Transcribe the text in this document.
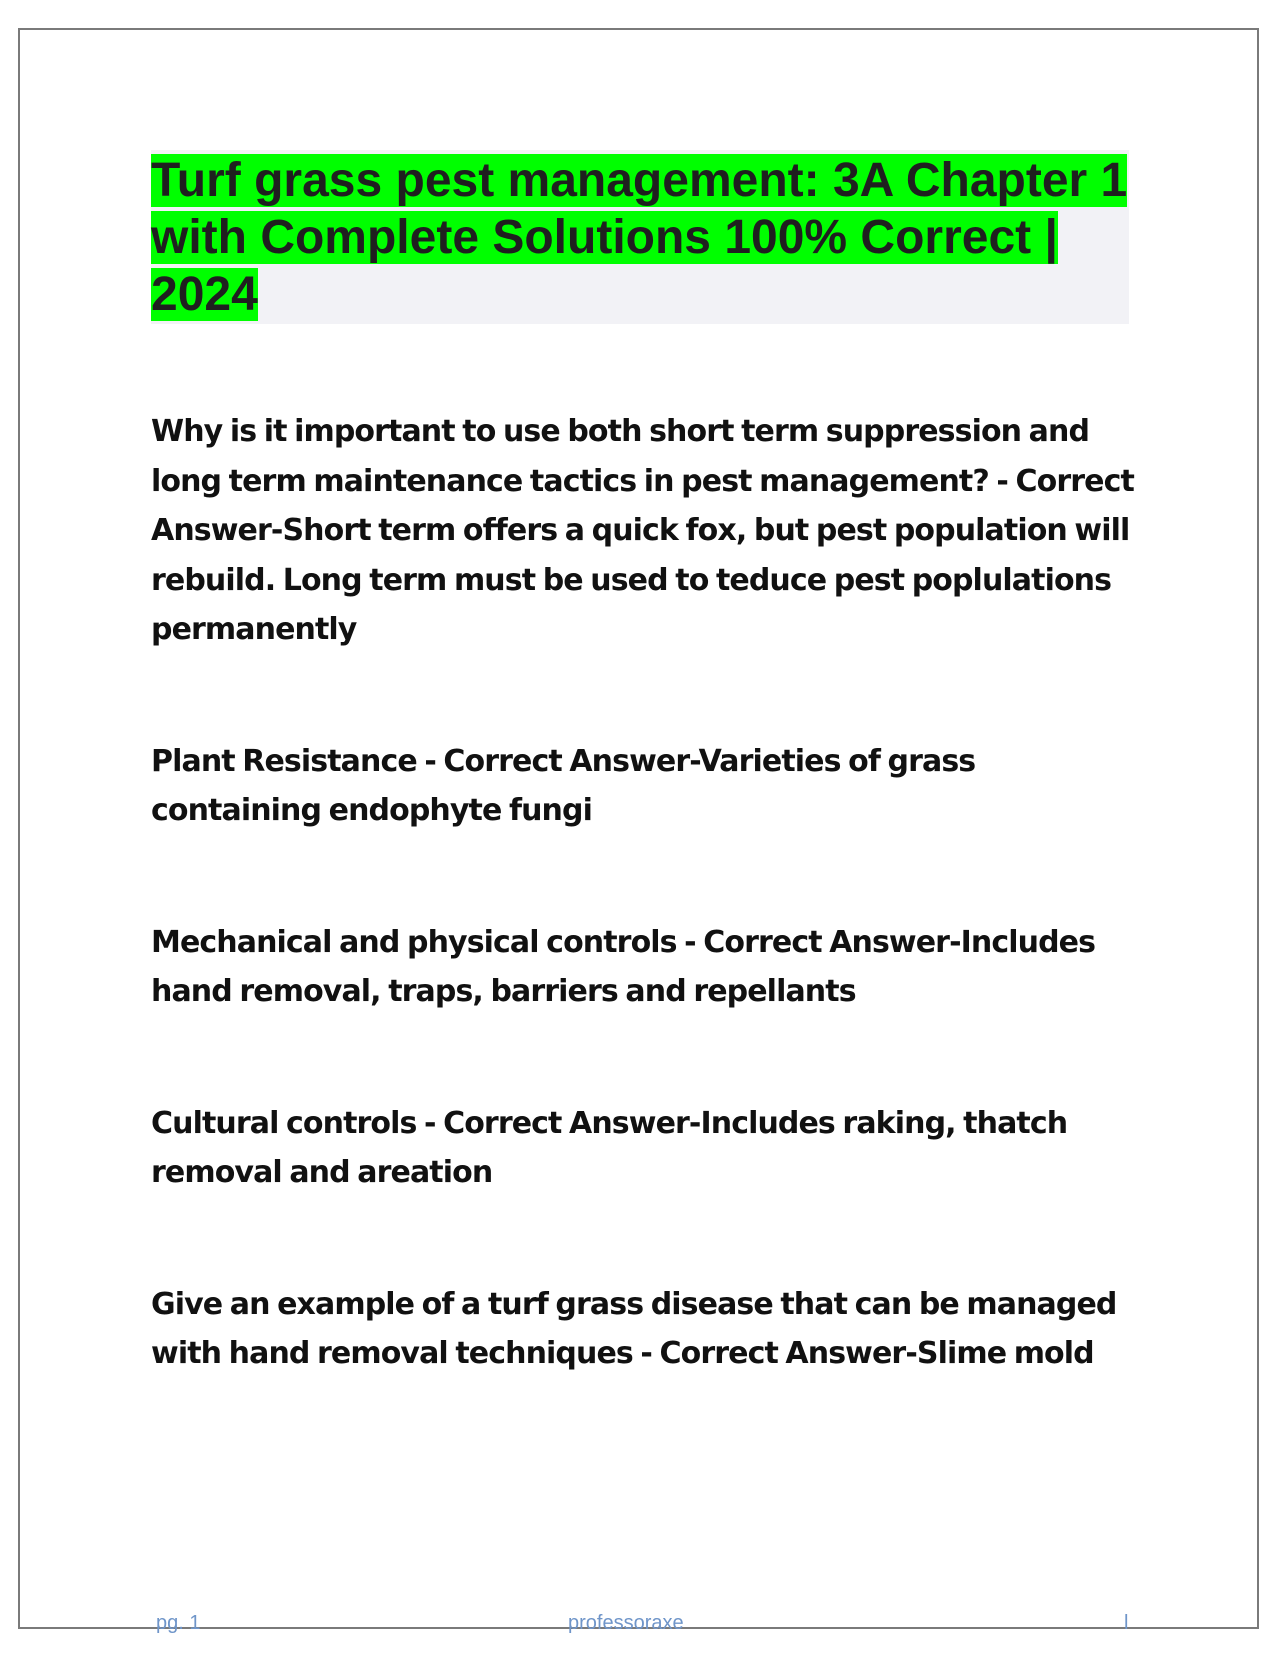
Turf grass pest management: 3A Chapter 1 with Complete Solutions 100% Correct | 2024

Why is it important to use both short term suppression and long term maintenance tactics in pest management? - Correct Answer-Short term offers a quick fox, but pest population will rebuild. Long term must be used to teduce pest poplulations permanently

Plant Resistance - Correct Answer-Varieties of grass containing endophyte fungi

Mechanical and physical controls - Correct Answer-Includes hand removal, traps, barriers and repellants

Cultural controls - Correct Answer-Includes raking, thatch removal and areation

Give an example of a turf grass disease that can be managed with hand removal techniques - Correct Answer-Slime mold

pg. 1	professoraxe	l
